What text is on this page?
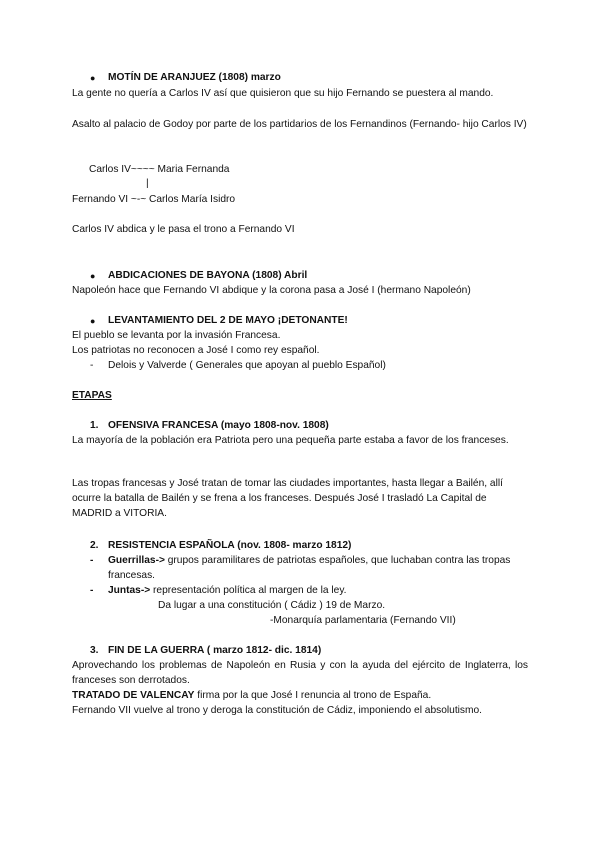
● MOTÍN DE ARANJUEZ (1808) marzo
La gente no quería a Carlos IV así que quisieron que su hijo Fernando se puestera al mando.
Asalto al palacio de Godoy por parte de los partidarios de los Fernandinos (Fernando- hijo Carlos IV)
Carlos IV~~~~ Maria Fernanda
|
Fernando VI ~-~ Carlos María Isidro
Carlos IV abdica y le pasa el trono a Fernando VI
● ABDICACIONES DE BAYONA (1808) Abril
Napoleón hace que Fernando VI abdique y la corona pasa a José I (hermano Napoleón)
● LEVANTAMIENTO DEL 2 DE MAYO ¡DETONANTE!
El pueblo se levanta por la invasión Francesa.
Los patriotas no reconocen a José I como rey español.
- Delois y Valverde ( Generales que apoyan al pueblo Español)
ETAPAS
1. OFENSIVA FRANCESA (mayo 1808-nov. 1808)
La mayoría de la población era Patriota pero una pequeña parte estaba a favor de los franceses.
Las tropas francesas y José tratan de tomar las ciudades importantes, hasta llegar a Bailén, allí ocurre la batalla de Bailén y se frena a los franceses. Después José I trasladó La Capital de MADRID a VITORIA.
2. RESISTENCIA ESPAÑOLA (nov. 1808- marzo 1812)
- Guerrillas-> grupos paramilitares de patriotas españoles, que luchaban contra las tropas francesas.
- Juntas-> representación política al margen de la ley.
Da lugar a una constitución ( Cádiz ) 19 de Marzo.
-Monarquía parlamentaria (Fernando VII)
3. FIN DE LA GUERRA ( marzo 1812- dic. 1814)
Aprovechando los problemas de Napoleón en Rusia y con la ayuda del ejército de Inglaterra, los franceses son derrotados.
TRATADO DE VALENCAY firma por la que José I renuncia al trono de España.
Fernando VII vuelve al trono y deroga la constitución de Cádiz, imponiendo el absolutismo.
